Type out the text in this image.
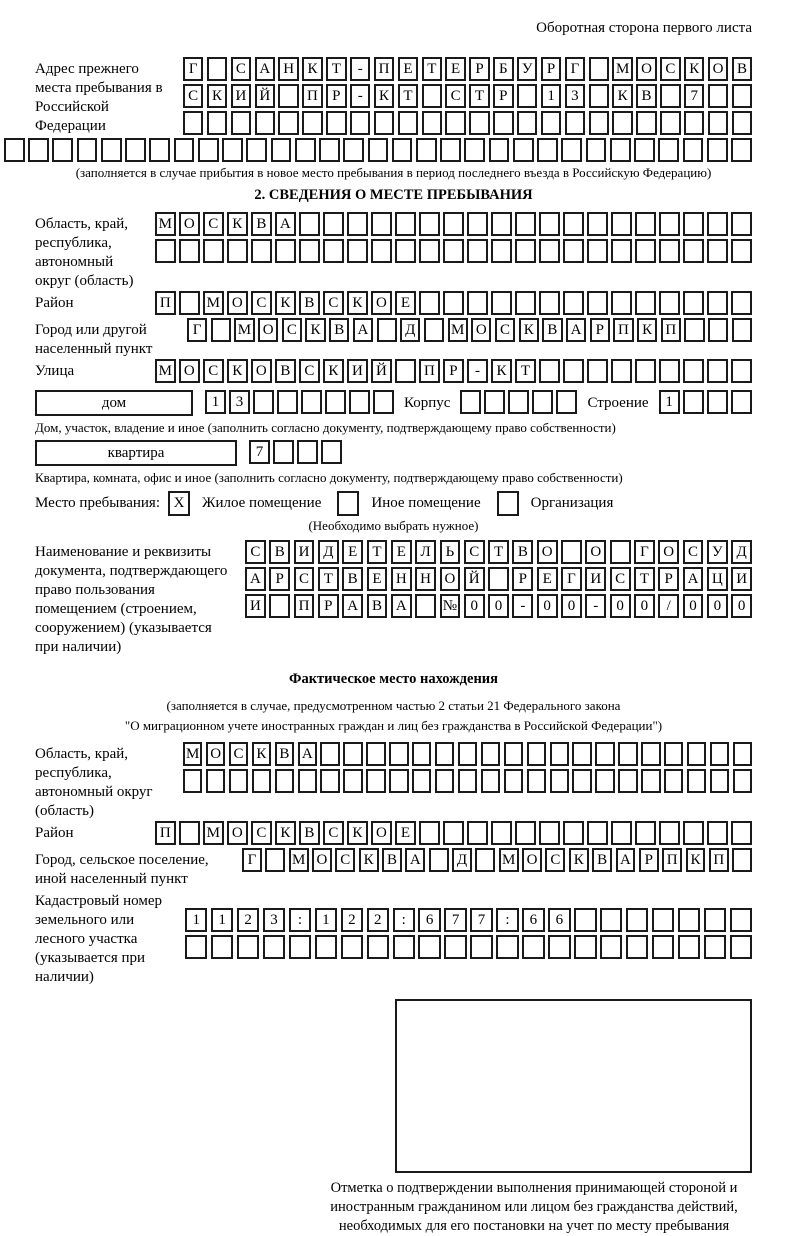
Оборотная сторона первого листа
Адрес прежнего места пребывания в Российской Федерации
Г	С А Н К Т	-	П Е Т Е	Р	Б У Р	Г	М О С К О В
С К И Й	П Р	-	К Т	С Т	Р	1	3	К В	7
(заполняется в случае прибытия в новое место пребывания в период последнего въезда в Российскую Федерацию)
2. СВЕДЕНИЯ О МЕСТЕ ПРЕБЫВАНИЯ
Область, край, республика, автономный округ (область)
М О С К В А
Район	П	М О С К В С К О Е
Город или другой населенный пункт
Г	М О С К В А	Д	М О С К В А Р П К П
Улица	М О С К О В С К И Й	П Р	-	К Т
дом	1	3	Корпус	Строение	1
Дом, участок, владение и иное (заполнить согласно документу, подтверждающему право собственности)
квартира	7
Квартира, комната, офис и иное (заполнить согласно документу, подтверждающему право собственности)
Место пребывания: X	Жилое помещение	Иное помещение	Организация
(Необходимо выбрать нужное)
Наименование и реквизиты документа, подтверждающего право пользования помещением (строением, сооружением) (указывается при наличии)
С В И Д Е	Т	Е Л Ь С Т В О	О	Г О С У Д
А Р	С Т В Е Н Н О Й	Р	Е	Г И С Т	Р А Ц И
И	П Р А В А	№ 0	0	-	0	0	-	0	0	/	0	0	0
Фактическое место нахождения
(заполняется в случае, предусмотренном частью 2 статьи 21 Федерального закона
"О миграционном учете иностранных граждан и лиц без гражданства в Российской Федерации")
Область, край, республика, автономный округ (область)
М О С К В А
Район	П	М О С К В С К О Е
Город, сельское поселение, иной населенный пункт
Г	М О С К В А	Д	М О С К В А Р П К П
Кадастровый номер земельного или лесного участка (указывается при наличии)
1	1	2	3	:	1	2	2	:	6	7	7	:	6	6
Отметка о подтверждении выполнения принимающей стороной и иностранным гражданином или лицом без гражданства действий, необходимых для его постановки на учет по месту пребывания
